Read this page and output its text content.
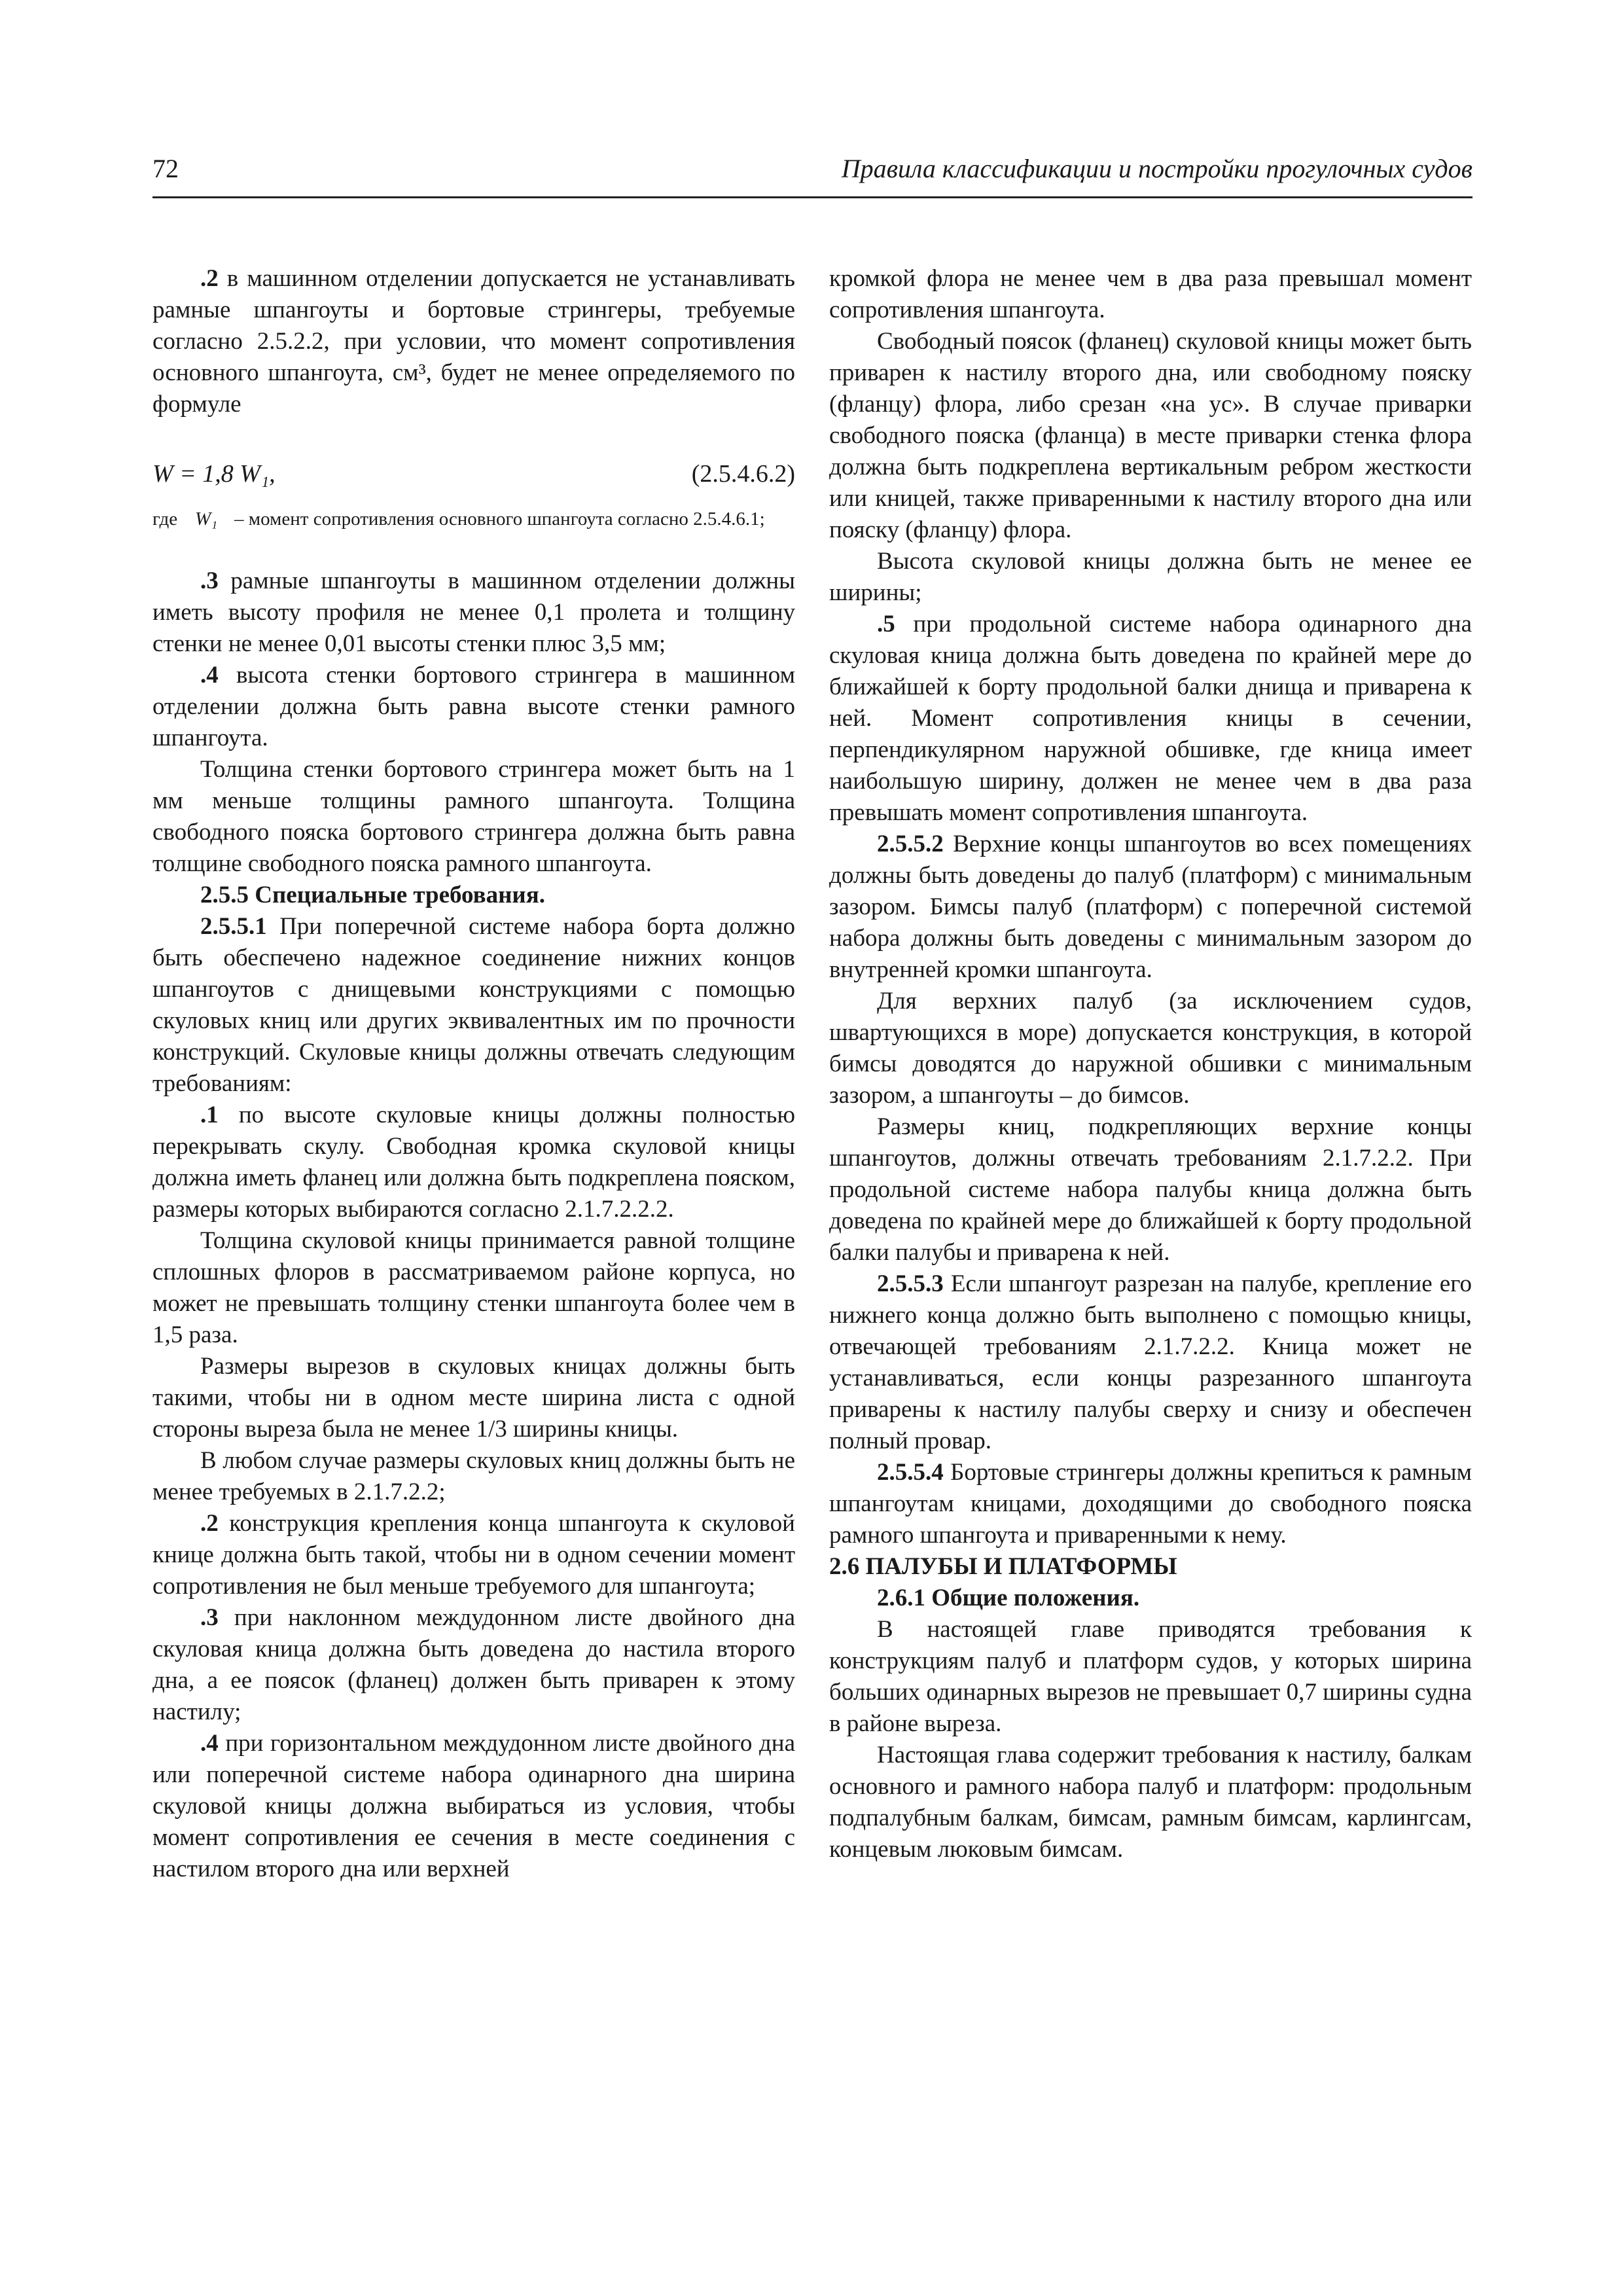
72	Правила классификации и постройки прогулочных судов

.2 в машинном отделении допускается не устанавливать рамные шпангоуты и бортовые стрингеры, требуемые согласно 2.5.2.2, при условии, что момент сопротивления основного шпангоута, см³, будет не менее определяемого по формуле

W = 1,8 W₁,	(2.5.4.6.2)
где W₁ – момент сопротивления основного шпангоута согласно 2.5.4.6.1;

.3 рамные шпангоуты в машинном отделении должны иметь высоту профиля не менее 0,1 пролета и толщину стенки не менее 0,01 высоты стенки плюс 3,5 мм;

.4 высота стенки бортового стрингера в машинном отделении должна быть равна высоте стенки рамного шпангоута.

Толщина стенки бортового стрингера может быть на 1 мм меньше толщины рамного шпангоута. Толщина свободного пояска бортового стрингера должна быть равна толщине свободного пояска рамного шпангоута.

2.5.5 Специальные требования.

2.5.5.1 При поперечной системе набора борта должно быть обеспечено надежное соединение нижних концов шпангоутов с днищевыми конструкциями с помощью скуловых книц или других эквивалентных им по прочности конструкций. Скуловые кницы должны отвечать следующим требованиям:

.1 по высоте скуловые кницы должны полностью перекрывать скулу. Свободная кромка скуловой кницы должна иметь фланец или должна быть подкреплена пояском, размеры которых выбираются согласно 2.1.7.2.2.2.

Толщина скуловой кницы принимается равной толщине сплошных флоров в рассматриваемом районе корпуса, но может не превышать толщину стенки шпангоута более чем в 1,5 раза.

Размеры вырезов в скуловых кницах должны быть такими, чтобы ни в одном месте ширина листа с одной стороны выреза была не менее 1/3 ширины кницы.

В любом случае размеры скуловых книц должны быть не менее требуемых в 2.1.7.2.2;

.2 конструкция крепления конца шпангоута к скуловой книце должна быть такой, чтобы ни в одном сечении момент сопротивления не был меньше требуемого для шпангоута;

.3 при наклонном междудонном листе двойного дна скуловая кница должна быть доведена до настила второго дна, а ее поясок (фланец) должен быть приварен к этому настилу;

.4 при горизонтальном междудонном листе двойного дна или поперечной системе набора одинарного дна ширина скуловой кницы должна выбираться из условия, чтобы момент сопротивления ее сечения в месте соединения с настилом второго дна или верхней

кромкой флора не менее чем в два раза превышал момент сопротивления шпангоута.

Свободный поясок (фланец) скуловой кницы может быть приварен к настилу второго дна, или свободному пояску (фланцу) флора, либо срезан «на ус». В случае приварки свободного пояска (фланца) в месте приварки стенка флора должна быть подкреплена вертикальным ребром жесткости или кницей, также приваренными к настилу второго дна или пояску (фланцу) флора.

Высота скуловой кницы должна быть не менее ее ширины;

.5 при продольной системе набора одинарного дна скуловая кница должна быть доведена по крайней мере до ближайшей к борту продольной балки днища и приварена к ней. Момент сопротивления кницы в сечении, перпендикулярном наружной обшивке, где кница имеет наибольшую ширину, должен не менее чем в два раза превышать момент сопротивления шпангоута.

2.5.5.2 Верхние концы шпангоутов во всех помещениях должны быть доведены до палуб (платформ) с минимальным зазором. Бимсы палуб (платформ) с поперечной системой набора должны быть доведены с минимальным зазором до внутренней кромки шпангоута.

Для верхних палуб (за исключением судов, швартующихся в море) допускается конструкция, в которой бимсы доводятся до наружной обшивки с минимальным зазором, а шпангоуты – до бимсов.

Размеры книц, подкрепляющих верхние концы шпангоутов, должны отвечать требованиям 2.1.7.2.2. При продольной системе набора палубы кница должна быть доведена по крайней мере до ближайшей к борту продольной балки палубы и приварена к ней.

2.5.5.3 Если шпангоут разрезан на палубе, крепление его нижнего конца должно быть выполнено с помощью кницы, отвечающей требованиям 2.1.7.2.2. Кница может не устанавливаться, если концы разрезанного шпангоута приварены к настилу палубы сверху и снизу и обеспечен полный провар.

2.5.5.4 Бортовые стрингеры должны крепиться к рамным шпангоутам кницами, доходящими до свободного пояска рамного шпангоута и приваренными к нему.

2.6 ПАЛУБЫ И ПЛАТФОРМЫ

2.6.1 Общие положения.

В настоящей главе приводятся требования к конструкциям палуб и платформ судов, у которых ширина больших одинарных вырезов не превышает 0,7 ширины судна в районе выреза.

Настоящая глава содержит требования к настилу, балкам основного и рамного набора палуб и платформ: продольным подпалубным балкам, бимсам, рамным бимсам, карлингсам, концевым люковым бимсам.
